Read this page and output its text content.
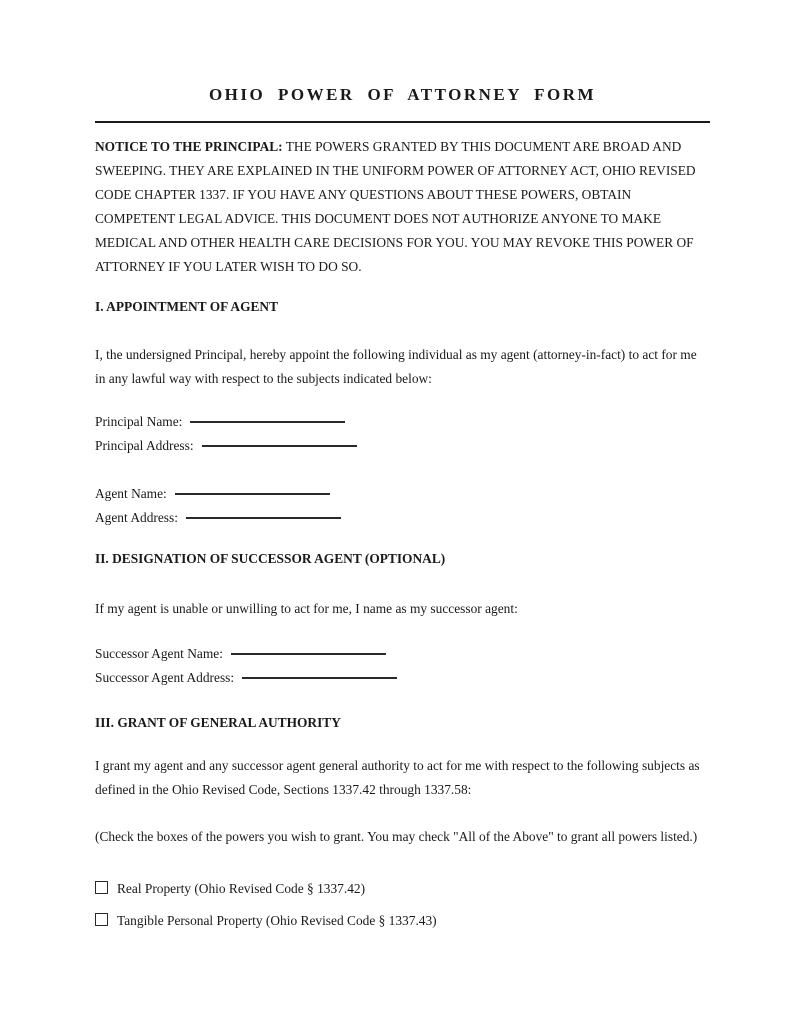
OHIO POWER OF ATTORNEY FORM

NOTICE TO THE PRINCIPAL: THE POWERS GRANTED BY THIS DOCUMENT ARE BROAD AND SWEEPING. THEY ARE EXPLAINED IN THE UNIFORM POWER OF ATTORNEY ACT, OHIO REVISED CODE CHAPTER 1337. IF YOU HAVE ANY QUESTIONS ABOUT THESE POWERS, OBTAIN COMPETENT LEGAL ADVICE. THIS DOCUMENT DOES NOT AUTHORIZE ANYONE TO MAKE MEDICAL AND OTHER HEALTH CARE DECISIONS FOR YOU. YOU MAY REVOKE THIS POWER OF ATTORNEY IF YOU LATER WISH TO DO SO.

I. APPOINTMENT OF AGENT

I, the undersigned Principal, hereby appoint the following individual as my agent (attorney-in-fact) to act for me in any lawful way with respect to the subjects indicated below:

Principal Name:
Principal Address:
Agent Name:
Agent Address:

II. DESIGNATION OF SUCCESSOR AGENT (OPTIONAL)

If my agent is unable or unwilling to act for me, I name as my successor agent:

Successor Agent Name:
Successor Agent Address:

III. GRANT OF GENERAL AUTHORITY

I grant my agent and any successor agent general authority to act for me with respect to the following subjects as defined in the Ohio Revised Code, Sections 1337.42 through 1337.58:

(Check the boxes of the powers you wish to grant. You may check "All of the Above" to grant all powers listed.)

Real Property (Ohio Revised Code § 1337.42)
Tangible Personal Property (Ohio Revised Code § 1337.43)
